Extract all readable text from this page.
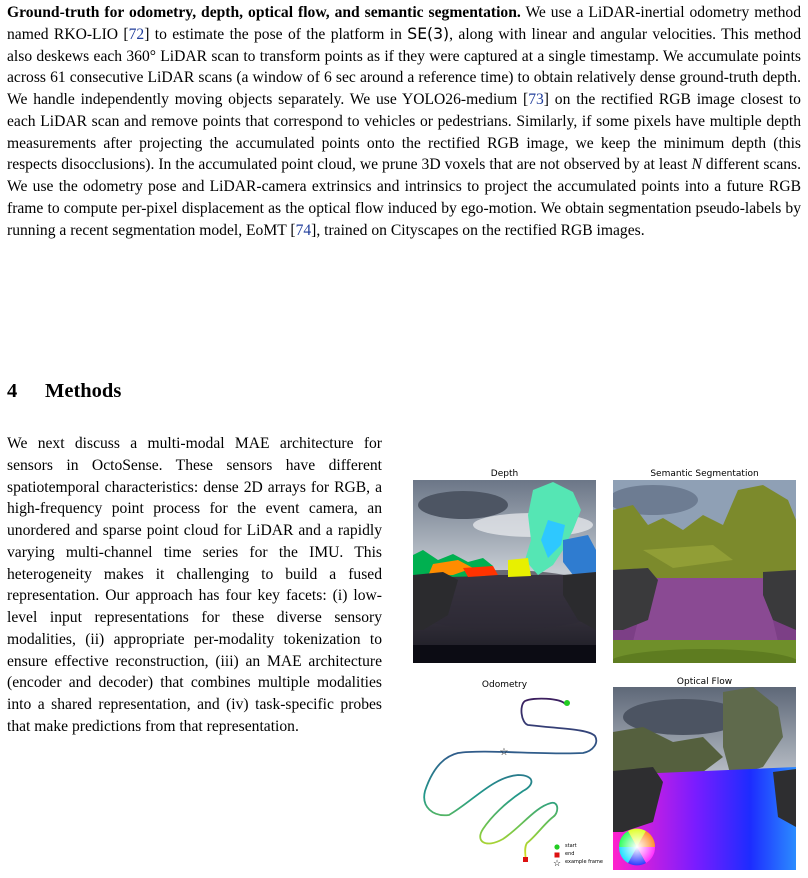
Ground-truth for odometry, depth, optical flow, and semantic segmentation. We use a LiDAR-inertial odometry method named RKO-LIO [72] to estimate the pose of the platform in SE(3), along with linear and angular velocities. This method also deskews each 360° LiDAR scan to transform points as if they were captured at a single timestamp. We accumulate points across 61 consecutive LiDAR scans (a window of 6 sec around a reference time) to obtain relatively dense ground-truth depth. We handle independently moving objects separately. We use YOLO26-medium [73] on the rectified RGB image closest to each LiDAR scan and remove points that correspond to vehicles or pedestrians. Similarly, if some pixels have multiple depth measurements after projecting the accumulated points onto the rectified RGB image, we keep the minimum depth (this respects disocclusions). In the accumulated point cloud, we prune 3D voxels that are not observed by at least N different scans. We use the odometry pose and LiDAR-camera extrinsics and intrinsics to project the accumulated points into a future RGB frame to compute per-pixel displacement as the optical flow induced by ego-motion. We obtain segmentation pseudo-labels by running a recent segmentation model, EoMT [74], trained on Cityscapes on the rectified RGB images.

4 Methods

We next discuss a multi-modal MAE architecture for sensors in OctoSense. These sensors have different spatiotemporal characteristics: dense 2D arrays for RGB, a high-frequency point process for the event camera, an unordered and sparse point cloud for LiDAR and a rapidly varying multi-channel time series for the IMU. This heterogeneity makes it challenging to build a fused representation. Our approach has four key facets: (i) low-level input representations for these diverse sensory modalities, (ii) appropriate per-modality tokenization to ensure effective reconstruction, (iii) an MAE architecture (encoder and decoder) that combines multiple modalities into a shared representation, and (iv) task-specific probes that make predictions from that representation.

Depth	Semantic Segmentation
Odometry	Optical Flow
☆
☆
start
end
example frame
